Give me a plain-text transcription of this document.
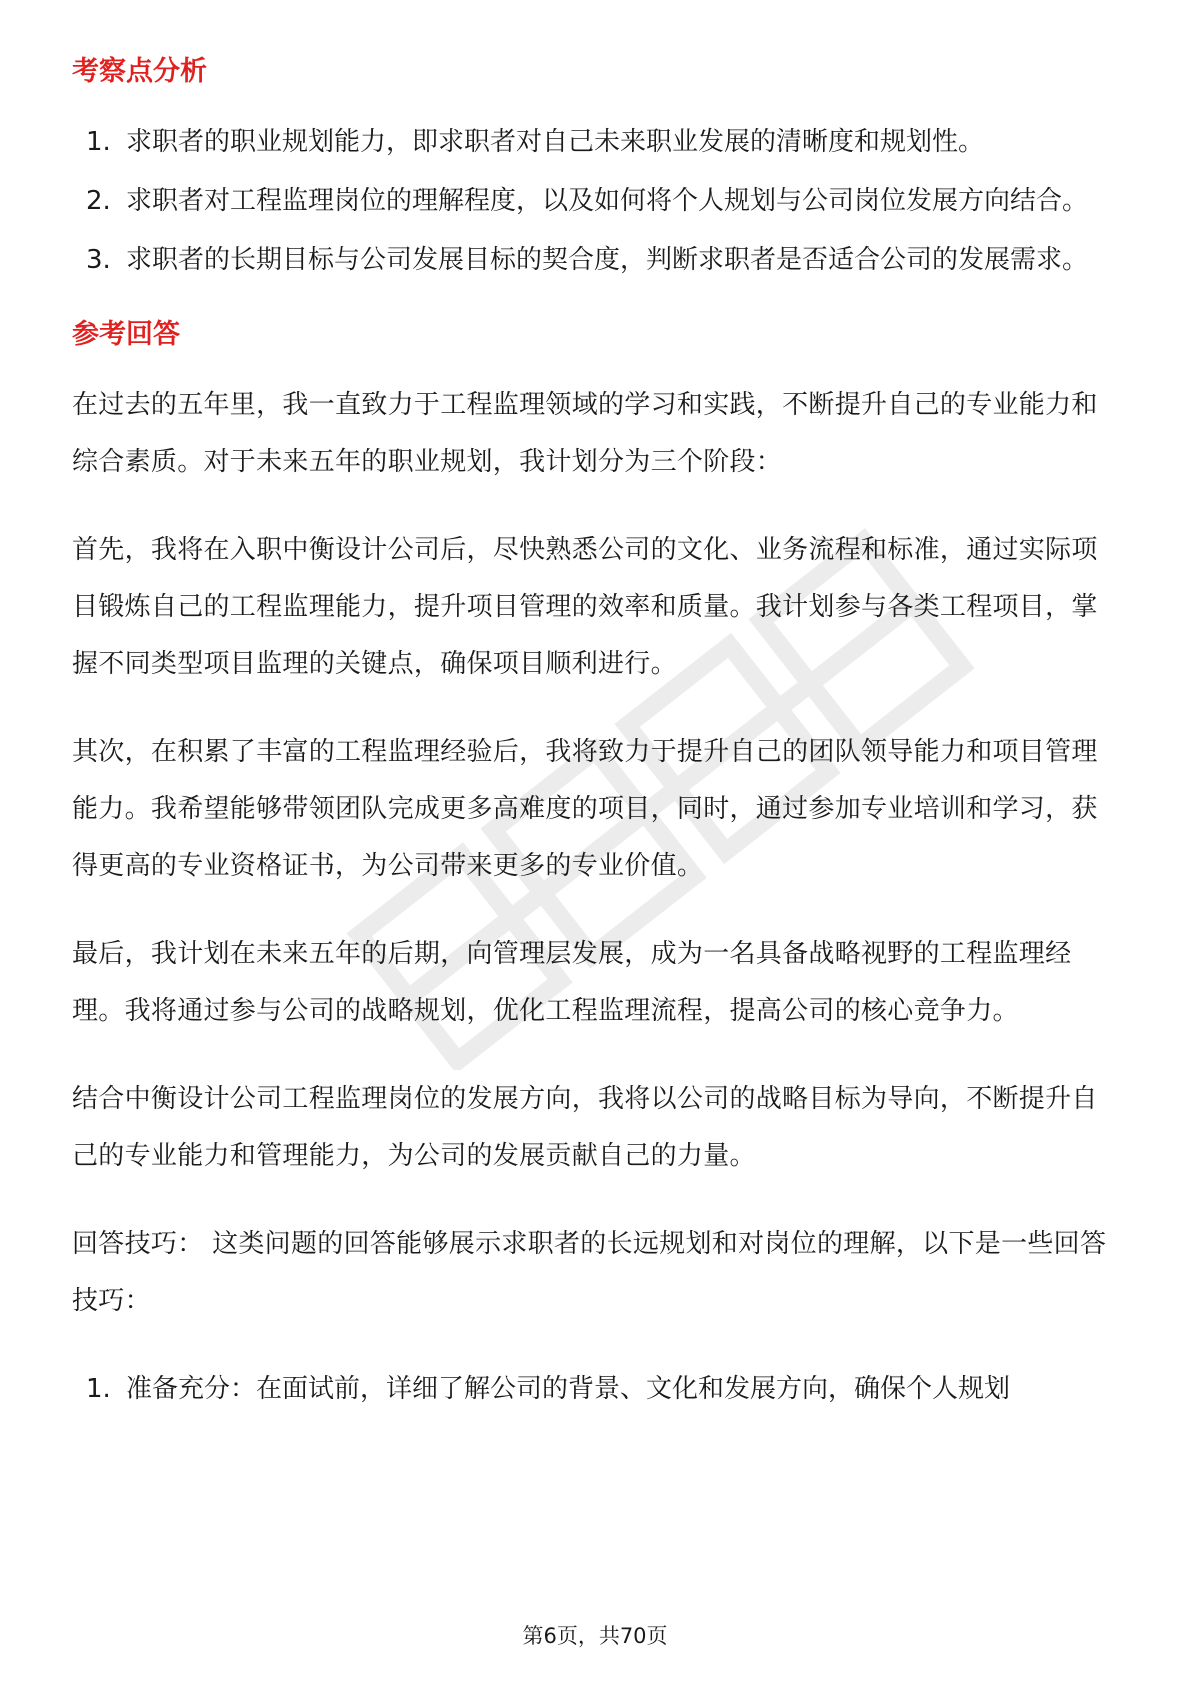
考察点分析
1. 求职者的职业规划能力，即求职者对自己未来职业发展的清晰度和规划性。
2. 求职者对工程监理岗位的理解程度，以及如何将个人规划与公司岗位发展方向结合。
3. 求职者的长期目标与公司发展目标的契合度，判断求职者是否适合公司的发展需求。
参考回答

在过去的五年里，我一直致力于工程监理领域的学习和实践，不断提升自己的专业能力和综合素质。对于未来五年的职业规划，我计划分为三个阶段：

首先，我将在入职中衡设计公司后，尽快熟悉公司的文化、业务流程和标准，通过实际项目锻炼自己的工程监理能力，提升项目管理的效率和质量。我计划参与各类工程项目，掌握不同类型项目监理的关键点，确保项目顺利进行。

其次，在积累了丰富的工程监理经验后，我将致力于提升自己的团队领导能力和项目管理能力。我希望能够带领团队完成更多高难度的项目，同时，通过参加专业培训和学习，获得更高的专业资格证书，为公司带来更多的专业价值。

最后，我计划在未来五年的后期，向管理层发展，成为一名具备战略视野的工程监理经理。我将通过参与公司的战略规划，优化工程监理流程，提高公司的核心竞争力。

结合中衡设计公司工程监理岗位的发展方向，我将以公司的战略目标为导向，不断提升自己的专业能力和管理能力，为公司的发展贡献自己的力量。

回答技巧： 这类问题的回答能够展示求职者的长远规划和对岗位的理解，以下是一些回答技巧：

1. 准备充分：在面试前，详细了解公司的背景、文化和发展方向，确保个人规划
第6页，共70页
